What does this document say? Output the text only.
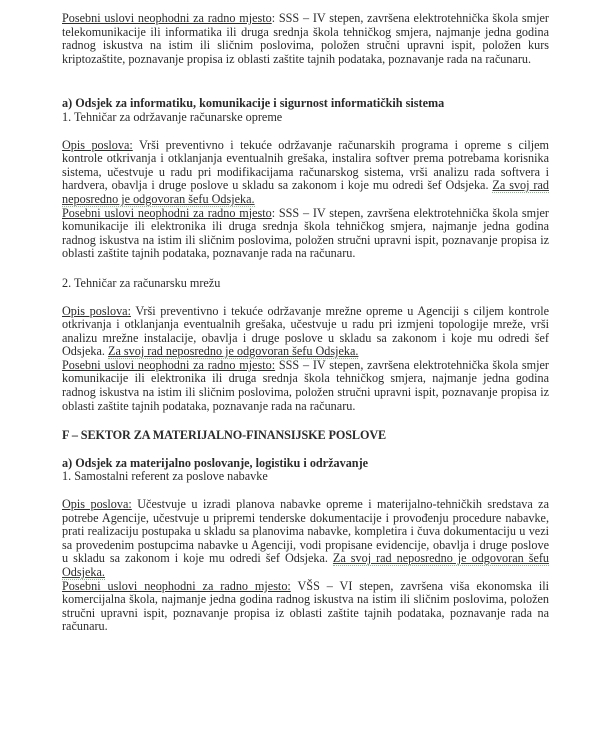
Posebni uslovi neophodni za radno mjesto: SSS – IV stepen, završena elektrotehnička škola smjer telekomunikacije ili informatika ili druga srednja škola tehničkog smjera, najmanje jedna godina radnog iskustva na istim ili sličnim poslovima, položen stručni upravni ispit, položen kurs kriptozaštite, poznavanje propisa iz oblasti zaštite tajnih podataka, poznavanje rada na računaru.

a) Odsjek za informatiku, komunikacije i sigurnost informatičkih sistema

1. Tehničar za održavanje računarske opreme

Opis poslova: Vrši preventivno i tekuće održavanje računarskih programa i opreme s ciljem kontrole otkrivanja i otklanjanja eventualnih grešaka, instalira softver prema potrebama korisnika sistema, učestvuje u radu pri modifikacijama računarskog sistema, vrši analizu rada softvera i hardvera, obavlja i druge poslove u skladu sa zakonom i koje mu odredi šef Odsjeka. Za svoj rad neposredno je odgovoran šefu Odsjeka.

Posebni uslovi neophodni za radno mjesto: SSS – IV stepen, završena elektrotehnička škola smjer komunikacije ili elektronika ili druga srednja škola tehničkog smjera, najmanje jedna godina radnog iskustva na istim ili sličnim poslovima, položen stručni upravni ispit, poznavanje propisa iz oblasti zaštite tajnih podataka, poznavanje rada na računaru.

2. Tehničar za računarsku mrežu

Opis poslova: Vrši preventivno i tekuće održavanje mrežne opreme u Agenciji s ciljem kontrole otkrivanja i otklanjanja eventualnih grešaka, učestvuje u radu pri izmjeni topologije mreže, vrši analizu mrežne instalacije, obavlja i druge poslove u skladu sa zakonom i koje mu odredi šef Odsjeka. Za svoj rad neposredno je odgovoran šefu Odsjeka.

Posebni uslovi neophodni za radno mjesto: SSS – IV stepen, završena elektrotehnička škola smjer komunikacije ili elektronika ili druga srednja škola tehničkog smjera, najmanje jedna godina radnog iskustva na istim ili sličnim poslovima, položen stručni upravni ispit, poznavanje propisa iz oblasti zaštite tajnih podataka, poznavanje rada na računaru.

F – SEKTOR ZA MATERIJALNO-FINANSIJSKE POSLOVE

a) Odsjek za materijalno poslovanje, logistiku i održavanje

1. Samostalni referent za poslove nabavke

Opis poslova: Učestvuje u izradi planova nabavke opreme i materijalno-tehničkih sredstava za potrebe Agencije, učestvuje u pripremi tenderske dokumentacije i provođenju procedure nabavke, prati realizaciju postupaka u skladu sa planovima nabavke, kompletira i čuva dokumentaciju u vezi sa provedenim postupcima nabavke u Agenciji, vodi propisane evidencije, obavlja i druge poslove u skladu sa zakonom i koje mu odredi šef Odsjeka. Za svoj rad neposredno je odgovoran šefu Odsjeka.

Posebni uslovi neophodni za radno mjesto: VŠS – VI stepen, završena viša ekonomska ili komercijalna škola, najmanje jedna godina radnog iskustva na istim ili sličnim poslovima, položen stručni upravni ispit, poznavanje propisa iz oblasti zaštite tajnih podataka, poznavanje rada na računaru.
